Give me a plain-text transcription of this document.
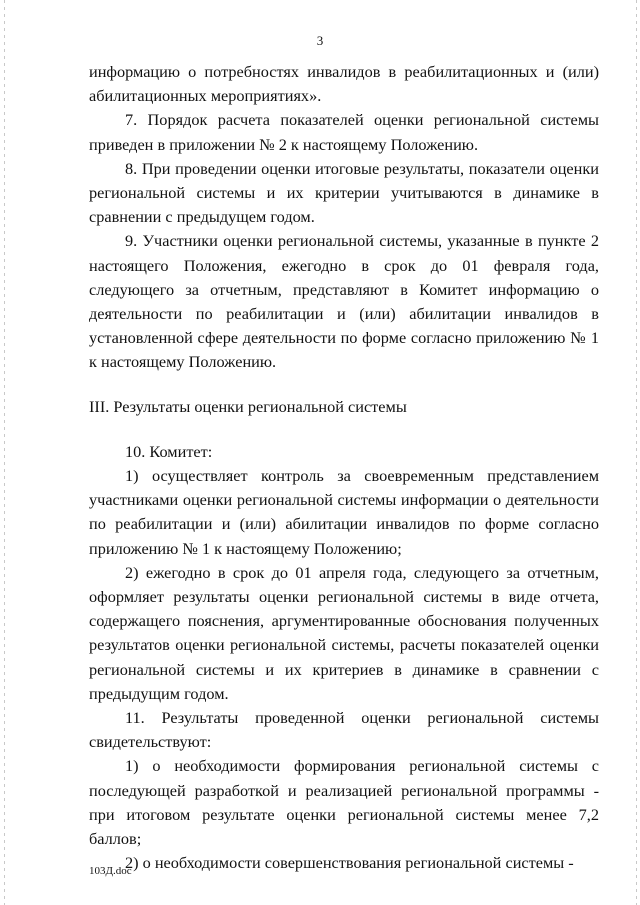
3

информацию о потребностях инвалидов в реабилитационных и (или) абилитационных мероприятиях».

7. Порядок расчета показателей оценки региональной системы приведен в приложении № 2 к настоящему Положению.

8. При проведении оценки итоговые результаты, показатели оценки региональной системы и их критерии учитываются в динамике в сравнении с предыдущем годом.

9. Участники оценки региональной системы, указанные в пункте 2 настоящего Положения, ежегодно в срок до 01 февраля года, следующего за отчетным, представляют в Комитет информацию о деятельности по реабилитации и (или) абилитации инвалидов в установленной сфере деятельности по форме согласно приложению № 1 к настоящему Положению.

III. Результаты оценки региональной системы

10. Комитет:

1) осуществляет контроль за своевременным представлением участниками оценки региональной системы информации о деятельности по реабилитации и (или) абилитации инвалидов по форме согласно приложению № 1 к настоящему Положению;

2) ежегодно в срок до 01 апреля года, следующего за отчетным, оформляет результаты оценки региональной системы в виде отчета, содержащего пояснения, аргументированные обоснования полученных результатов оценки региональной системы, расчеты показателей оценки региональной системы и их критериев в динамике в сравнении с предыдущим годом.

11. Результаты проведенной оценки региональной системы свидетельствуют:

1) о необходимости формирования региональной системы с последующей разработкой и реализацией региональной программы - при итоговом результате оценки региональной системы менее 7,2 баллов;

2) о необходимости совершенствования региональной системы -

103Д.doc
